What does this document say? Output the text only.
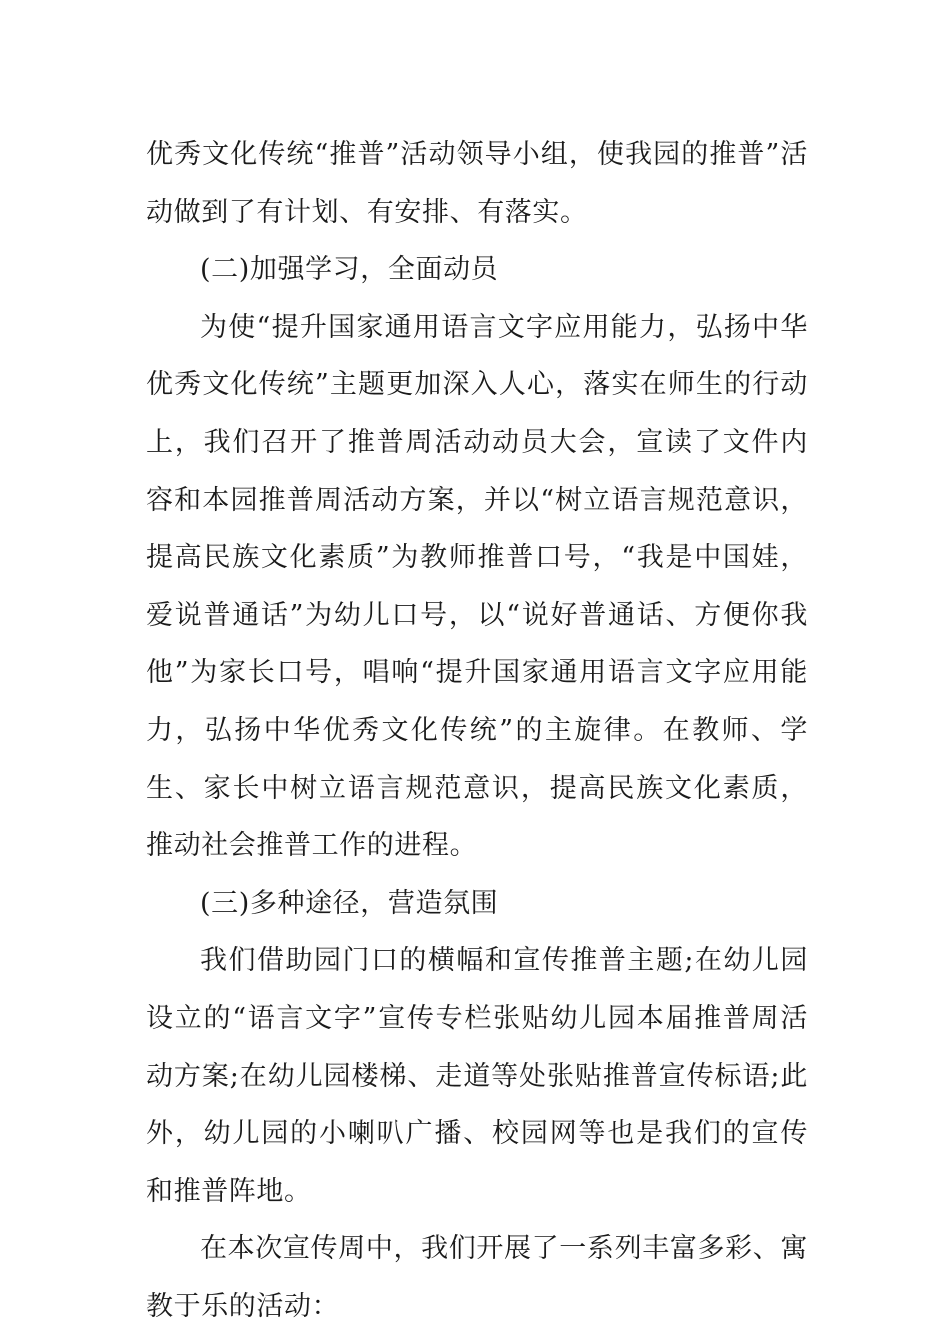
优秀文化传统“推普”活动领导小组，使我园的推普”活动做到了有计划、有安排、有落实。

(二)加强学习，全面动员

为使“提升国家通用语言文字应用能力，弘扬中华优秀文化传统”主题更加深入人心，落实在师生的行动上，我们召开了推普周活动动员大会，宣读了文件内容和本园推普周活动方案，并以“树立语言规范意识，提高民族文化素质”为教师推普口号，“我是中国娃，爱说普通话”为幼儿口号，以“说好普通话、方便你我他”为家长口号，唱响“提升国家通用语言文字应用能力，弘扬中华优秀文化传统”的主旋律。在教师、学生、家长中树立语言规范意识，提高民族文化素质，推动社会推普工作的进程。

(三)多种途径，营造氛围

我们借助园门口的横幅和宣传推普主题;在幼儿园设立的“语言文字”宣传专栏张贴幼儿园本届推普周活动方案;在幼儿园楼梯、走道等处张贴推普宣传标语;此外，幼儿园的小喇叭广播、校园网等也是我们的宣传和推普阵地。

在本次宣传周中，我们开展了一系列丰富多彩、寓教于乐的活动：
